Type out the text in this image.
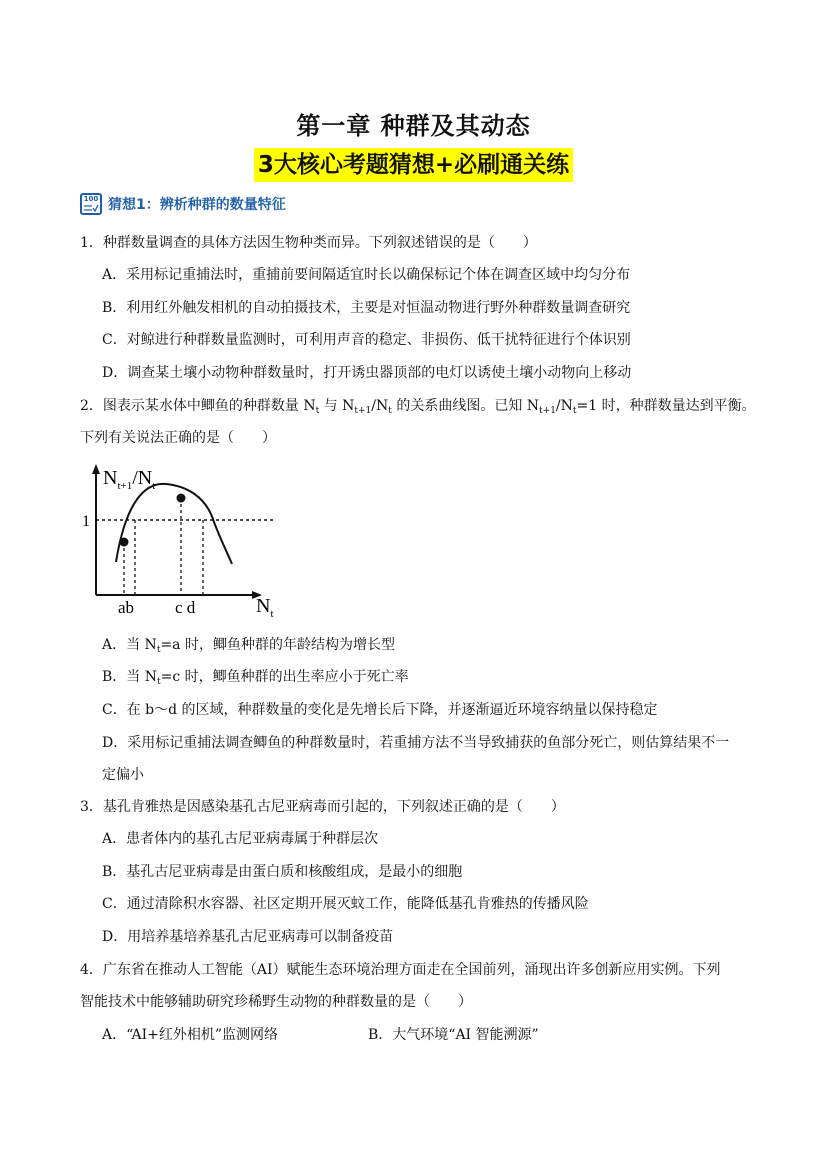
第一章 种群及其动态
3大核心考题猜想+必刷通关练
100 猜想1：辨析种群的数量特征
1．种群数量调查的具体方法因生物种类而异。下列叙述错误的是（　　）
A．采用标记重捕法时，重捕前要间隔适宜时长以确保标记个体在调查区域中均匀分布
B．利用红外触发相机的自动拍摄技术，主要是对恒温动物进行野外种群数量调查研究
C．对鲸进行种群数量监测时，可利用声音的稳定、非损伤、低干扰特征进行个体识别
D．调查某土壤小动物种群数量时，打开诱虫器顶部的电灯以诱使土壤小动物向上移动
2．图表示某水体中鲫鱼的种群数量 $N_t$ 与 $N_{t+1}/N_t$ 的关系曲线图。已知 $N_{t+1}/N_t=1$ 时，种群数量达到平衡。
下列有关说法正确的是（　　）
$N_{t+1}/N_t$
1
ab c d	$N_t$
A．当 $N_t=a$ 时，鲫鱼种群的年龄结构为增长型
B．当 $N_t=c$ 时，鲫鱼种群的出生率应小于死亡率
C．在 b～d 的区域，种群数量的变化是先增长后下降，并逐渐逼近环境容纳量以保持稳定
D．采用标记重捕法调查鲫鱼的种群数量时，若重捕方法不当导致捕获的鱼部分死亡，则估算结果不一
定偏小
3．基孔肯雅热是因感染基孔古尼亚病毒而引起的，下列叙述正确的是（　　）
A．患者体内的基孔古尼亚病毒属于种群层次
B．基孔古尼亚病毒是由蛋白质和核酸组成，是最小的细胞
C．通过清除积水容器、社区定期开展灭蚊工作，能降低基孔肯雅热的传播风险
D．用培养基培养基孔古尼亚病毒可以制备疫苗
4．广东省在推动人工智能（AI）赋能生态环境治理方面走在全国前列，涌现出许多创新应用实例。下列
智能技术中能够辅助研究珍稀野生动物的种群数量的是（　　）
A．“AI+红外相机”监测网络	B．大气环境“AI 智能溯源”
